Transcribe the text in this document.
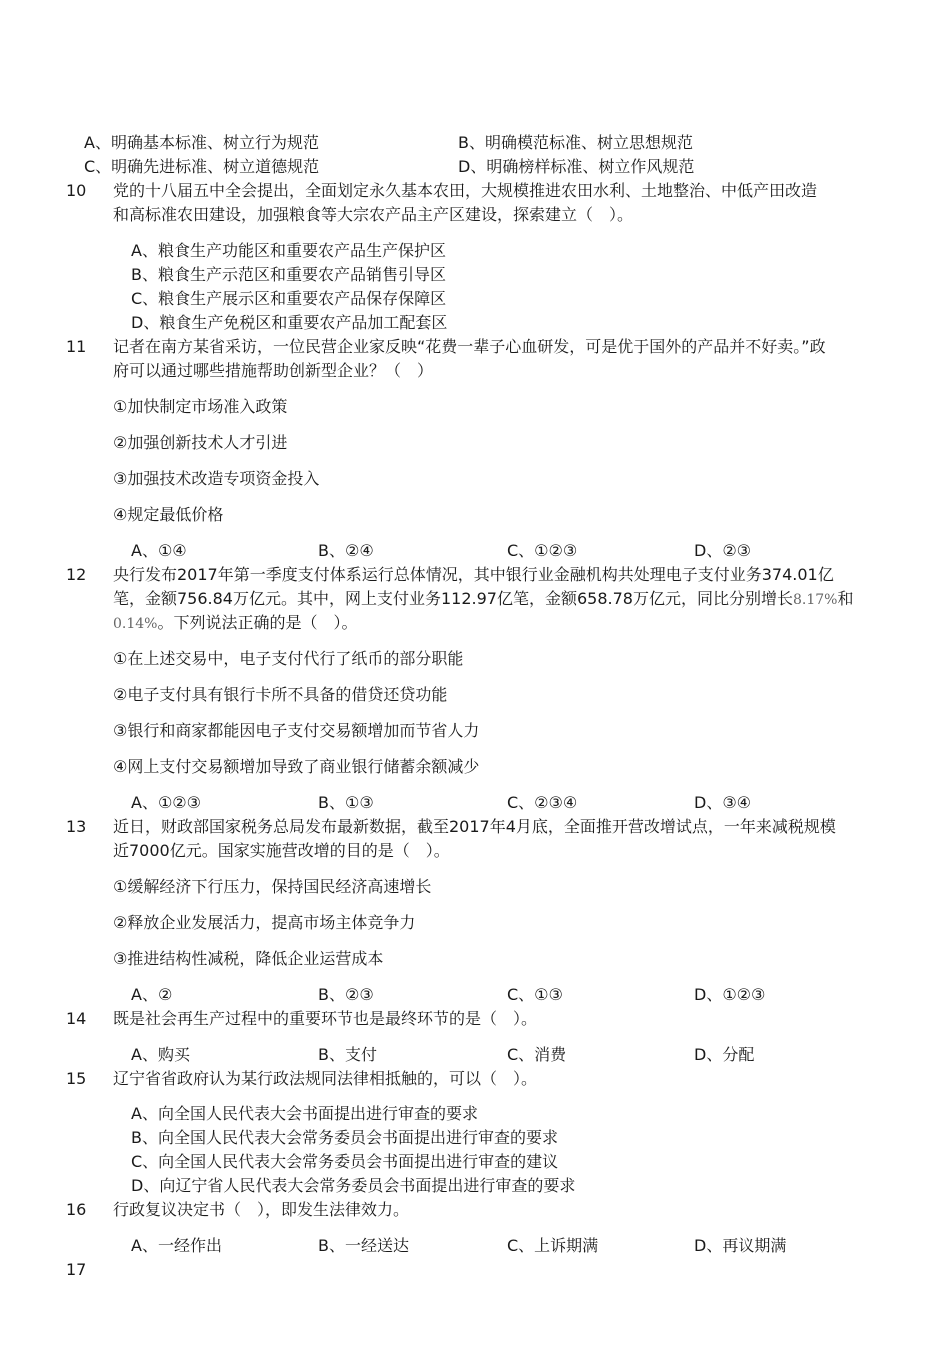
A、明确基本标准、树立行为规范	B、明确模范标准、树立思想规范
C、明确先进标准、树立道德规范	D、明确榜样标准、树立作风规范
10 党的十八届五中全会提出，全面划定永久基本农田，大规模推进农田水利、土地整治、中低产田改造
和高标准农田建设，加强粮食等大宗农产品主产区建设，探索建立（　）。
A、粮食生产功能区和重要农产品生产保护区
B、粮食生产示范区和重要农产品销售引导区
C、粮食生产展示区和重要农产品保存保障区
D、粮食生产免税区和重要农产品加工配套区
11 记者在南方某省采访，一位民营企业家反映“花费一辈子心血研发，可是优于国外的产品并不好卖。”政
府可以通过哪些措施帮助创新型企业？（　）
①加快制定市场准入政策
②加强创新技术人才引进
③加强技术改造专项资金投入
④规定最低价格
A、①④	B、②④	C、①②③	D、②③
12 央行发布2017年第一季度支付体系运行总体情况，其中银行业金融机构共处理电子支付业务374.01亿
笔，金额756.84万亿元。其中，网上支付业务112.97亿笔，金额658.78万亿元，同比分别增长8.17%和
0.14%。下列说法正确的是（　）。
①在上述交易中，电子支付代行了纸币的部分职能
②电子支付具有银行卡所不具备的借贷还贷功能
③银行和商家都能因电子支付交易额增加而节省人力
④网上支付交易额增加导致了商业银行储蓄余额减少
A、①②③	B、①③	C、②③④	D、③④
13 近日，财政部国家税务总局发布最新数据，截至2017年4月底，全面推开营改增试点，一年来减税规模
近7000亿元。国家实施营改增的目的是（　）。
①缓解经济下行压力，保持国民经济高速增长
②释放企业发展活力，提高市场主体竞争力
③推进结构性减税，降低企业运营成本
A、②	B、②③	C、①③	D、①②③
14 既是社会再生产过程中的重要环节也是最终环节的是（　）。
A、购买	B、支付	C、消费	D、分配
15 辽宁省省政府认为某行政法规同法律相抵触的，可以（　）。
A、向全国人民代表大会书面提出进行审查的要求
B、向全国人民代表大会常务委员会书面提出进行审查的要求
C、向全国人民代表大会常务委员会书面提出进行审查的建议
D、向辽宁省人民代表大会常务委员会书面提出进行审查的要求
16 行政复议决定书（　），即发生法律效力。
A、一经作出	B、一经送达	C、上诉期满	D、再议期满
17
